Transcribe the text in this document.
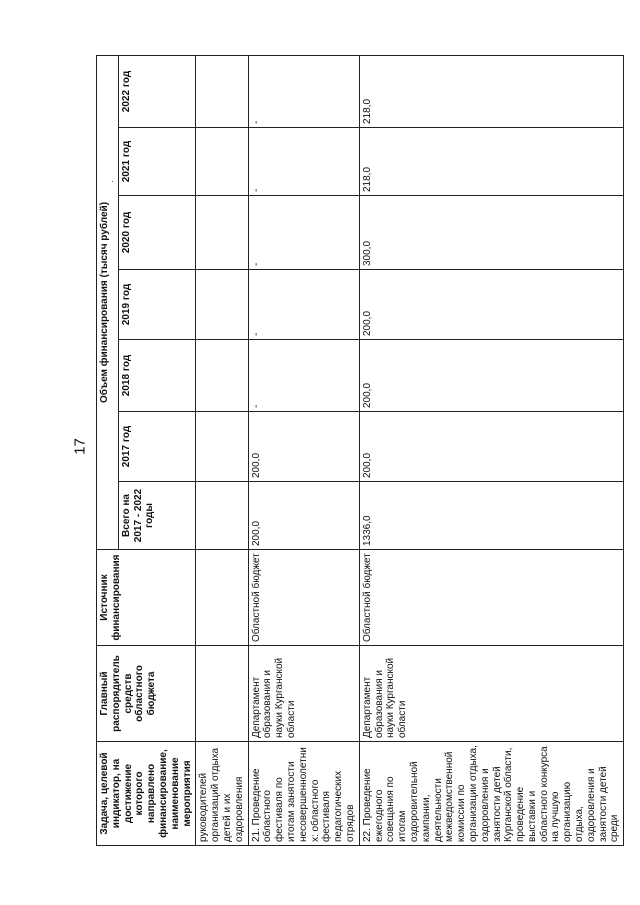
17
Задача, целевой индикатор, на достижение которого направлено финансирование, наименование мероприятия	Главный распорядитель средств областного бюджета	Источник финансирования	Объем финансирования (тысяч рублей)						
			Всего на 2017 - 2022 годы	2017 год	2018 год	2019 год	2020 год	2021 год	2022 год
руководителей организаций отдыха детей и их оздоровления									
21. Проведение областного фестиваля по итогам занятости несовершеннолетних: областного фестиваля педагогических отрядов	Департамент образования и науки Курганской области	Областной бюджет	200,0	200,0	-	-	-	-	-
22. Проведение ежегодного совещания по итогам оздоровительной кампании, деятельности межведомственной комиссии по организации отдыха, оздоровления и занятости детей Курганской области, проведение выставки и областного конкурса на лучшую организацию отдыха, оздоровления и занятости детей среди	Департамент образования и науки Курганской области	Областной бюджет	1336,0	200,0	200,0	200,0	300,0	218,0	218,0
